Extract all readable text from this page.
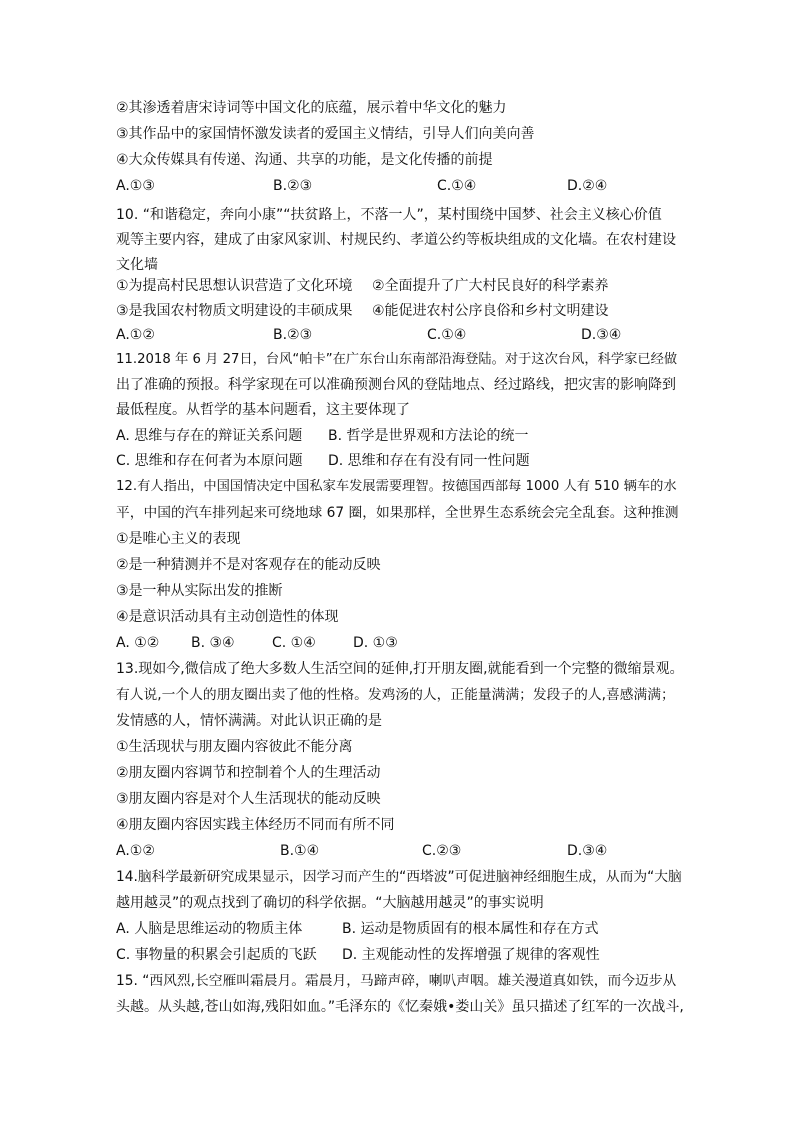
②其渗透着唐宋诗词等中国文化的底蕴，展示着中华文化的魅力
③其作品中的家国情怀激发读者的爱国主义情结，引导人们向美向善
④大众传媒具有传递、沟通、共享的功能，是文化传播的前提
A.①③	B.②③	C.①④	D.②④
10. “和谐稳定，奔向小康”“扶贫路上，不落一人”，某村围绕中国梦、社会主义核心价值
观等主要内容，建成了由家风家训、村规民约、孝道公约等板块组成的文化墙。在农村建设
文化墙
①为提高村民思想认识营造了文化环境 ②全面提升了广大村民良好的科学素养
③是我国农村物质文明建设的丰硕成果 ④能促进农村公序良俗和乡村文明建设
A.①②	B.②③	C.①④	D.③④
11.2018 年 6 月 27日，台风“帕卡”在广东台山东南部沿海登陆。对于这次台风，科学家已经做
出了准确的预报。科学家现在可以准确预测台风的登陆地点、经过路线，把灾害的影响降到
最低程度。从哲学的基本问题看，这主要体现了
A. 思维与存在的辩证关系问题 B. 哲学是世界观和方法论的统一
C. 思维和存在何者为本原问题 D. 思维和存在有没有同一性问题
12.有人指出，中国国情决定中国私家车发展需要理智。按德国西部每 1000 人有 510 辆车的水
平，中国的汽车排列起来可绕地球 67 圈，如果那样，全世界生态系统会完全乱套。这种推测
①是唯心主义的表现
②是一种猜测并不是对客观存在的能动反映
③是一种从实际出发的推断
④是意识活动具有主动创造性的体现
A. ①② B. ③④	C. ①④	D. ①③
13.现如今,微信成了绝大多数人生活空间的延伸,打开朋友圈,就能看到一个完整的微缩景观。
有人说,一个人的朋友圈出卖了他的性格。发鸡汤的人，正能量满满；发段子的人,喜感满满；
发情感的人，情怀满满。对此认识正确的是
①生活现状与朋友圈内容彼此不能分离
②朋友圈内容调节和控制着个人的生理活动
③朋友圈内容是对个人生活现状的能动反映
④朋友圈内容因实践主体经历不同而有所不同
A.①②	B.①④	C.②③	D.③④
14.脑科学最新研究成果显示，因学习而产生的“西塔波”可促进脑神经细胞生成，从而为“大脑
越用越灵”的观点找到了确切的科学依据。“大脑越用越灵”的事实说明
A. 人脑是思维运动的物质主体	B. 运动是物质固有的根本属性和存在方式
C. 事物量的积累会引起质的飞跃 D. 主观能动性的发挥增强了规律的客观性
15. “西风烈,长空雁叫霜晨月。霜晨月，马蹄声碎，喇叭声咽。雄关漫道真如铁，而今迈步从
头越。从头越,苍山如海,残阳如血。”毛泽东的《忆秦娥•娄山关》虽只描述了红军的一次战斗,
